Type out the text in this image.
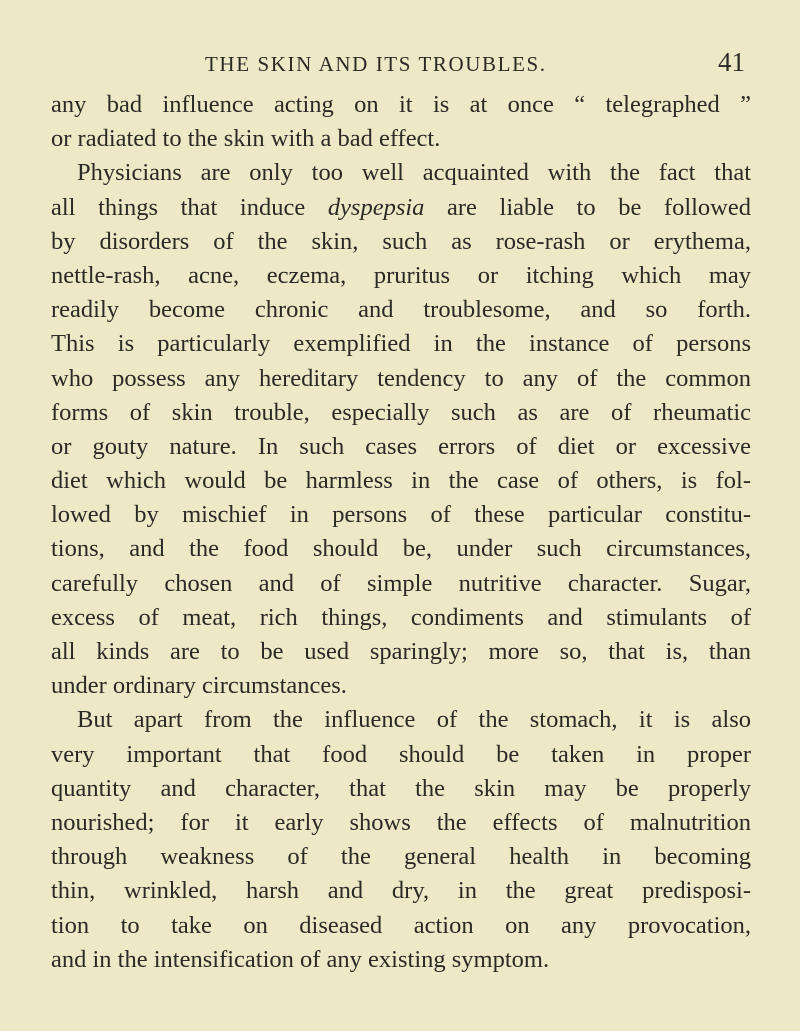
THE SKIN AND ITS TROUBLES.	41
any bad influence acting on it is at once “ telegraphed ”
or radiated to the skin with a bad effect.
Physicians are only too well acquainted with the fact that
all things that induce dyspepsia are liable to be followed
by disorders of the skin, such as rose-rash or erythema,
nettle-rash, acne, eczema, pruritus or itching which may
readily become chronic and troublesome, and so forth.
This is particularly exemplified in the instance of persons
who possess any hereditary tendency to any of the common
forms of skin trouble, especially such as are of rheumatic
or gouty nature. In such cases errors of diet or excessive
diet which would be harmless in the case of others, is fol-
lowed by mischief in persons of these particular constitu-
tions, and the food should be, under such circumstances,
carefully chosen and of simple nutritive character. Sugar,
excess of meat, rich things, condiments and stimulants of
all kinds are to be used sparingly; more so, that is, than
under ordinary circumstances.
But apart from the influence of the stomach, it is also
very important that food should be taken in proper
quantity and character, that the skin may be properly
nourished; for it early shows the effects of malnutrition
through weakness of the general health in becoming
thin, wrinkled, harsh and dry, in the great predisposi-
tion to take on diseased action on any provocation,
and in the intensification of any existing symptom.
